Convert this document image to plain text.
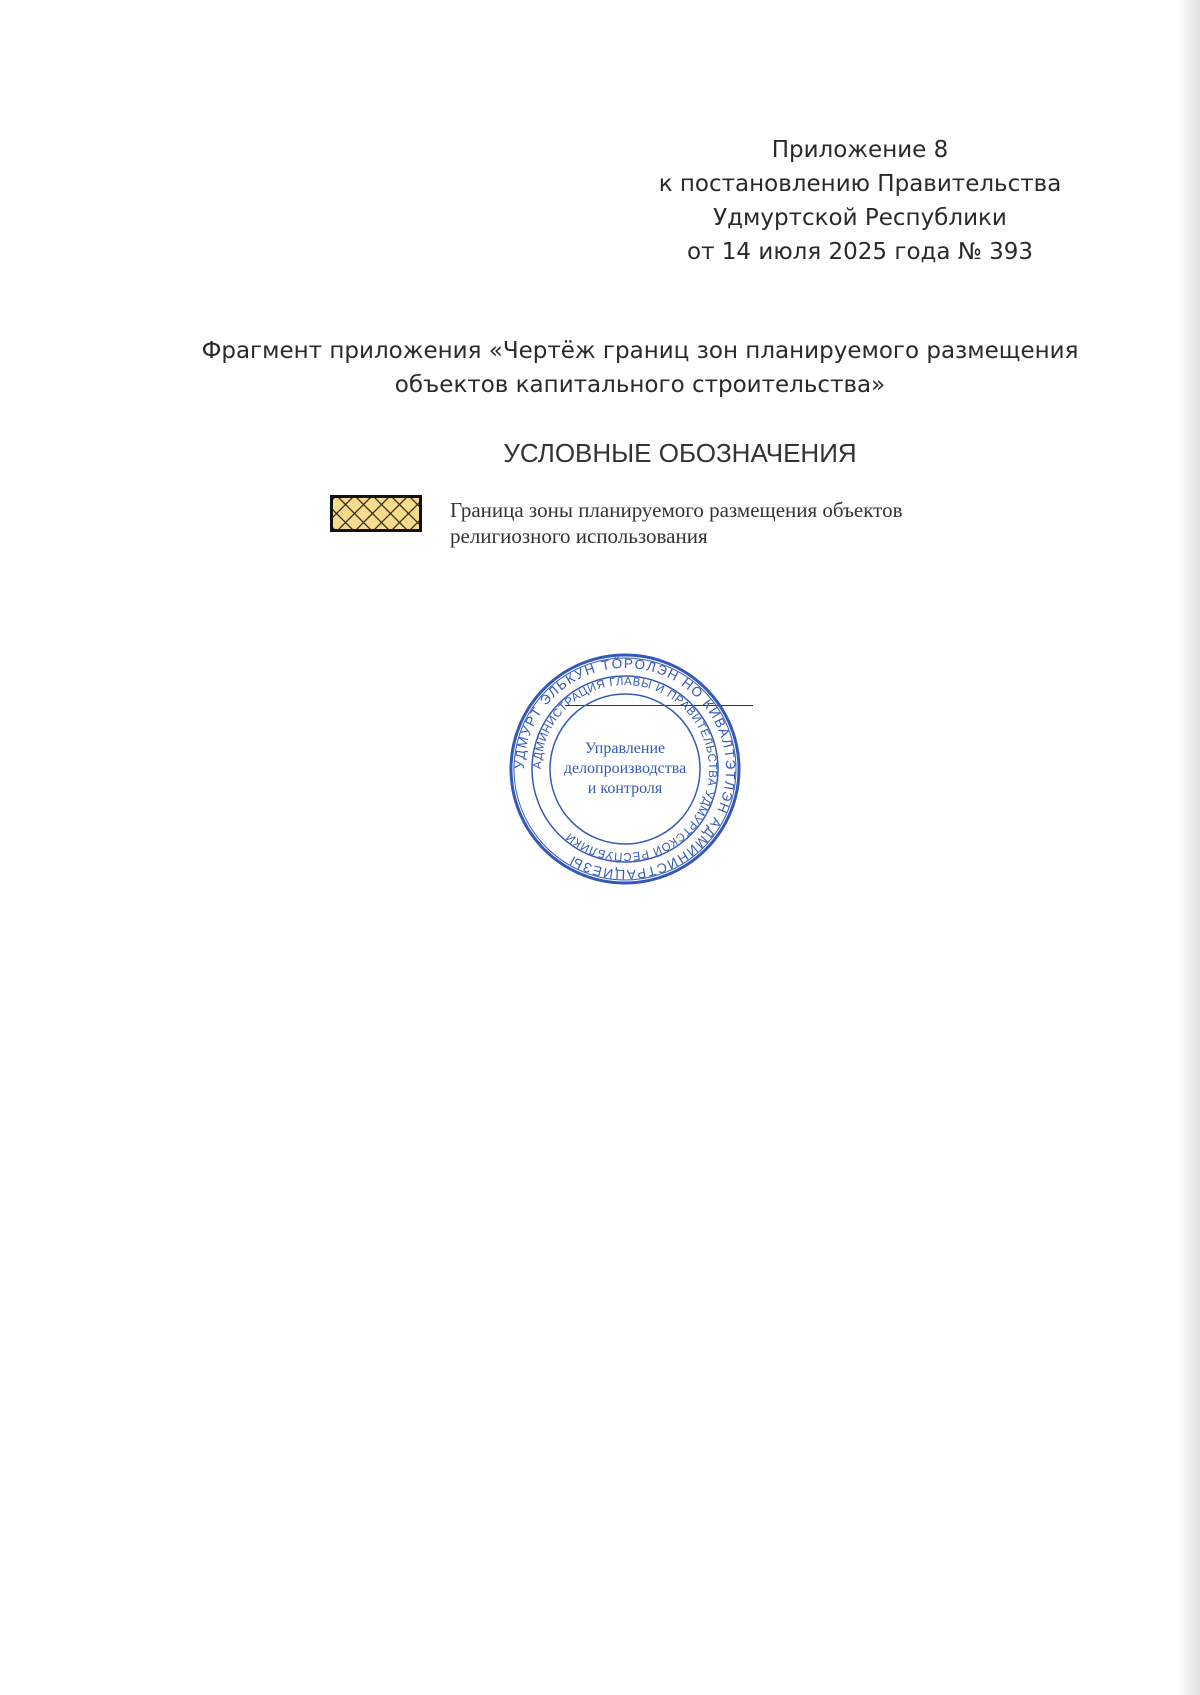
Приложение 8
к постановлению Правительства
Удмуртской Республики
от 14 июля 2025 года № 393
Фрагмент приложения «Чертёж границ зон планируемого размещения
объектов капитального строительства»
УСЛОВНЫЕ ОБОЗНАЧЕНИЯ
Граница зоны планируемого размещения объектов
религиозного использования
УДМУРТ ЭЛЬКУН ТӦРОЛЭН НО КИВАЛТЭТЛЭН АДМИНИСТРАЦИЕЗЫ
АДМИНИСТРАЦИЯ ГЛАВЫ И ПРАВИТЕЛЬСТВА УДМУРТСКОЙ РЕСПУБЛИКИ
Управление
делопроизводства
и контроля
